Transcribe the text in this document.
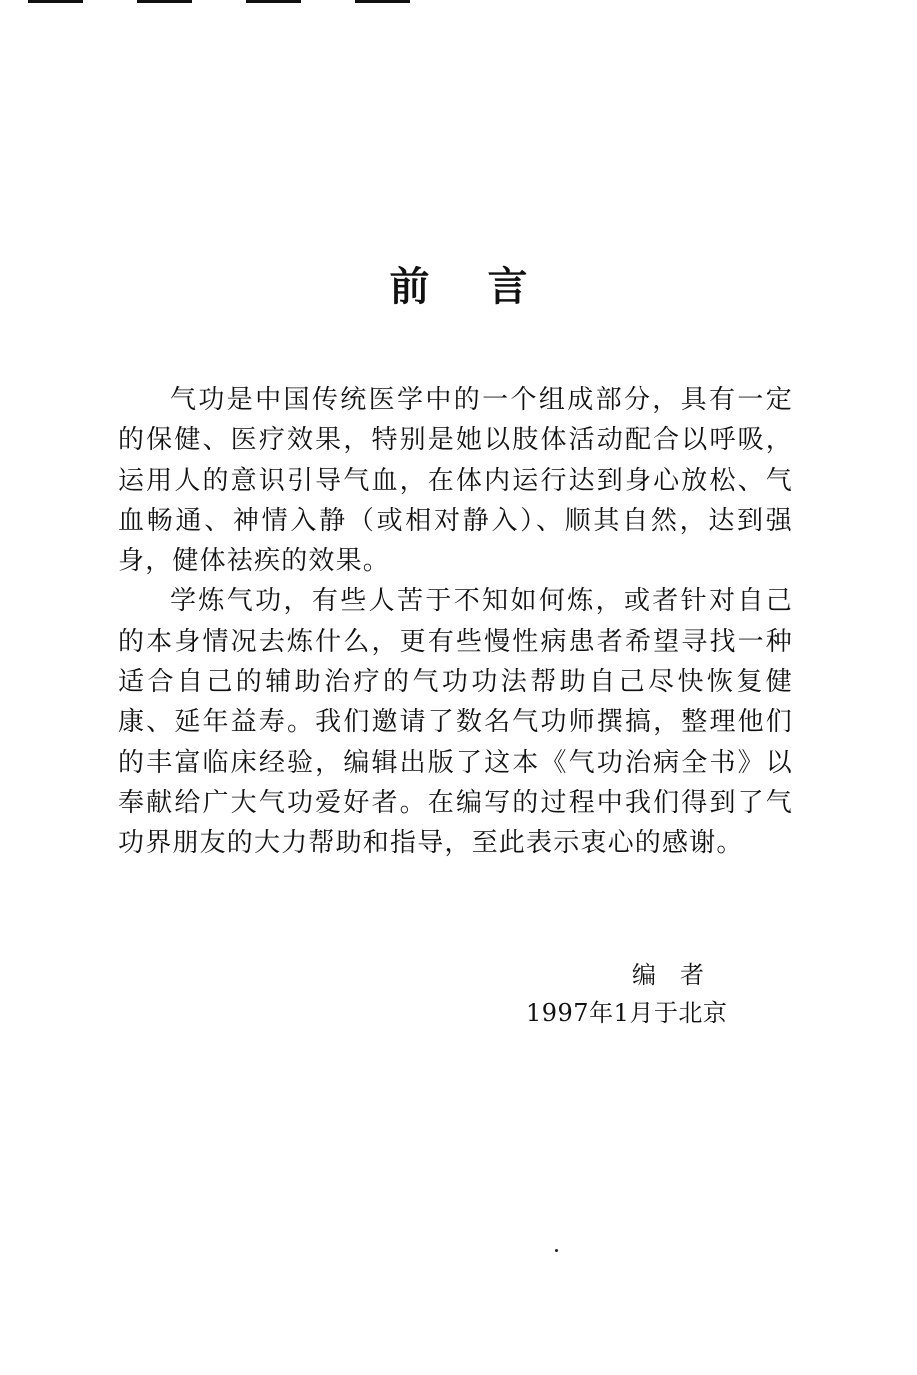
前言

气功是中国传统医学中的一个组成部分，具有一定的保健、医疗效果，特别是她以肢体活动配合以呼吸，运用人的意识引导气血，在体内运行达到身心放松、气血畅通、神情入静（或相对静入）、顺其自然，达到强身，健体祛疾的效果。

学炼气功，有些人苦于不知如何炼，或者针对自己的本身情况去炼什么，更有些慢性病患者希望寻找一种适合自己的辅助治疗的气功功法帮助自己尽快恢复健康、延年益寿。我们邀请了数名气功师撰搞，整理他们的丰富临床经验，编辑出版了这本《气功治病全书》以奉献给广大气功爱好者。在编写的过程中我们得到了气功界朋友的大力帮助和指导，至此表示衷心的感谢。

编者
1997年1月于北京
